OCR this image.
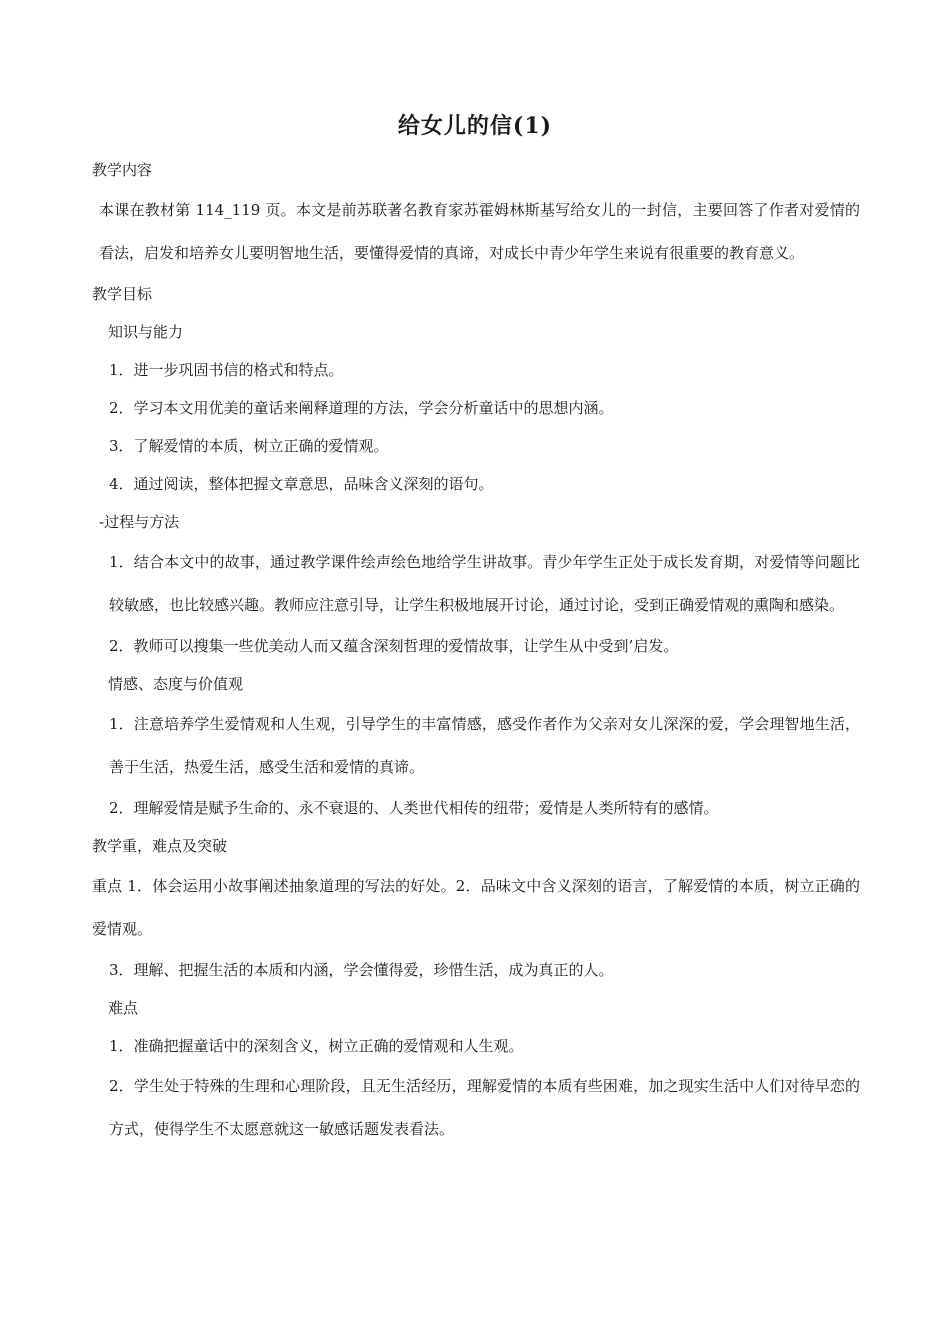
给女儿的信(1)

教学内容

本课在教材第 114_119 页。本文是前苏联著名教育家苏霍姆林斯基写给女儿的一封信，主要回答了作者对爱情的看法，启发和培养女儿要明智地生活，要懂得爱情的真谛，对成长中青少年学生来说有很重要的教育意义。

教学目标

知识与能力

1．进一步巩固书信的格式和特点。

2．学习本文用优美的童话来阐释道理的方法，学会分析童话中的思想内涵。

3．了解爱情的本质，树立正确的爱情观。

4．通过阅读，整体把握文章意思，品味含义深刻的语句。

-过程与方法

1．结合本文中的故事，通过教学课件绘声绘色地给学生讲故事。青少年学生正处于成长发育期，对爱情等问题比较敏感，也比较感兴趣。教师应注意引导，让学生积极地展开讨论，通过讨论，受到正确爱情观的熏陶和感染。

2．教师可以搜集一些优美动人而又蕴含深刻哲理的爱情故事，让学生从中受到’启发。

情感、态度与价值观

1．注意培养学生爱情观和人生观，引导学生的丰富情感，感受作者作为父亲对女儿深深的爱，学会理智地生活，善于生活，热爱生活，感受生活和爱情的真谛。

2．理解爱情是赋予生命的、永不衰退的、人类世代相传的纽带；爱情是人类所特有的感情。

教学重，难点及突破

重点 1．体会运用小故事阐述抽象道理的写法的好处。2．品味文中含义深刻的语言，了解爱情的本质，树立正确的爱情观。

3．理解、把握生活的本质和内涵，学会懂得爱，珍惜生活，成为真正的人。

难点

1．准确把握童话中的深刻含义，树立正确的爱情观和人生观。

2．学生处于特殊的生理和心理阶段，且无生活经历，理解爱情的本质有些困难，加之现实生活中人们对待早恋的方式，使得学生不太愿意就这一敏感话题发表看法。
